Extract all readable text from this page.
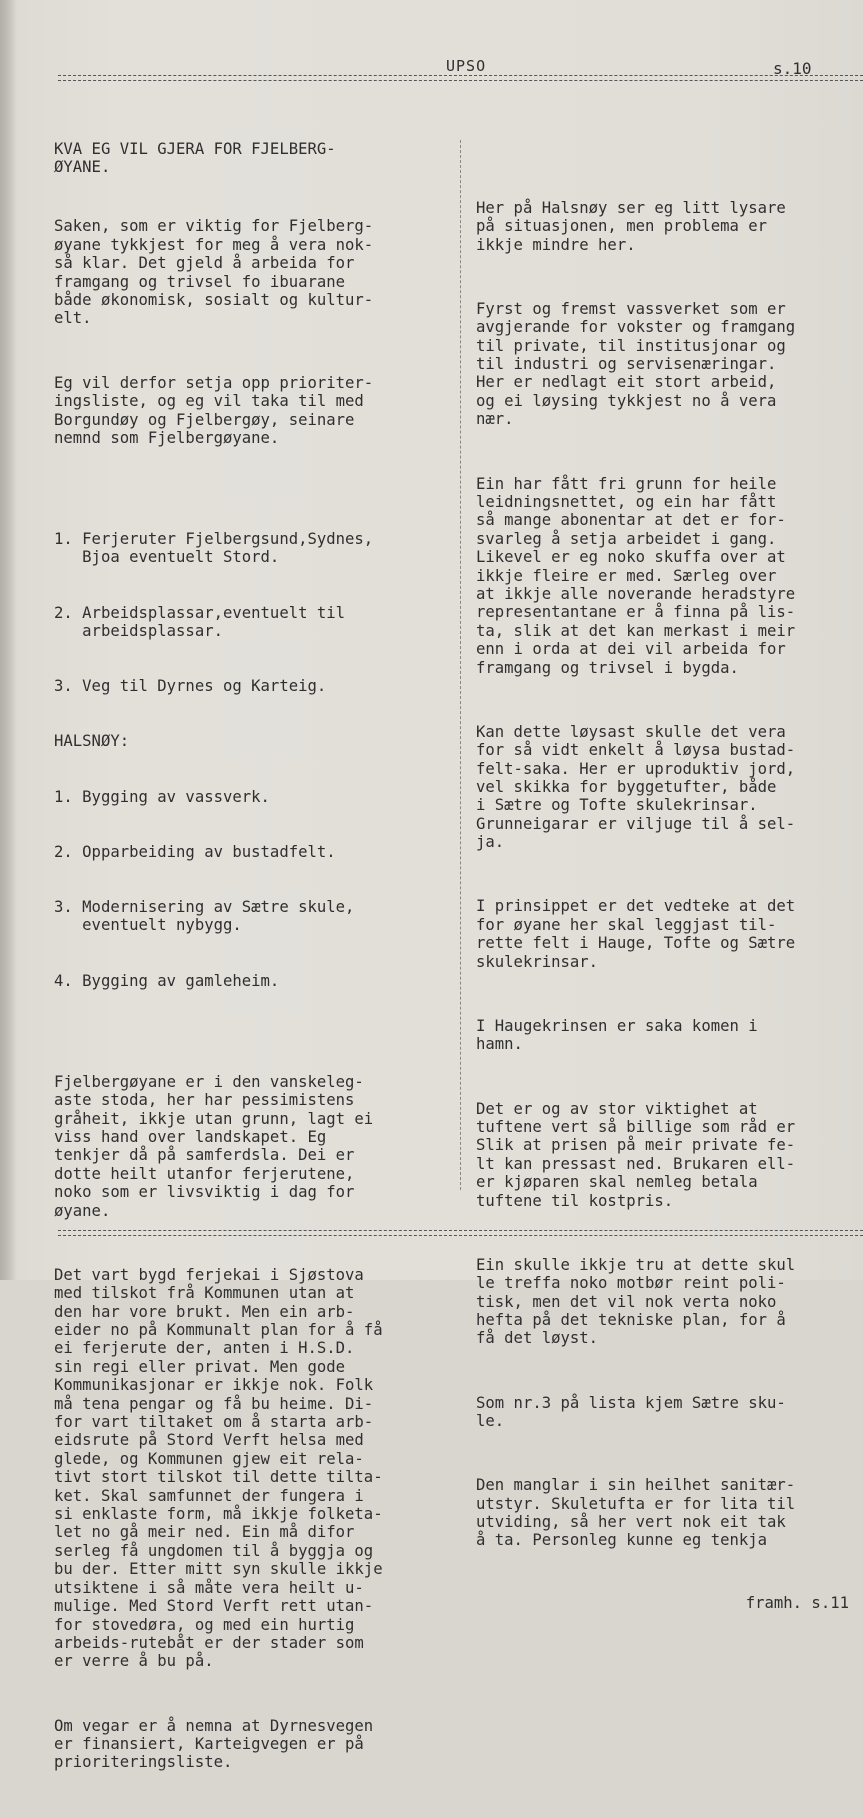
UPSO	s.10

KVA EG VIL GJERA FOR FJELBERG-
ØYANE.

Saken, som er viktig for Fjelberg-
øyane tykkjest for meg å vera nok-
så klar. Det gjeld å arbeida for
framgang og trivsel fo ibuarane
både økonomisk, sosialt og kultur-
elt.

Eg vil derfor setja opp prioriter-
ingsliste, og eg vil taka til med
Borgundøy og Fjelbergøy, seinare
nemnd som Fjelbergøyane.

1. Ferjeruter Fjelbergsund,Sydnes,
Bjoa eventuelt Stord.

2. Arbeidsplassar,eventuelt til
arbeidsplassar.

3. Veg til Dyrnes og Karteig.

HALSNØY:

1. Bygging av vassverk.

2. Opparbeiding av bustadfelt.

3. Modernisering av Sætre skule,
eventuelt nybygg.

4. Bygging av gamleheim.

Fjelbergøyane er i den vanskeleg-
aste stoda, her har pessimistens
gråheit, ikkje utan grunn, lagt ei
viss hand over landskapet. Eg
tenkjer då på samferdsla. Dei er
dotte heilt utanfor ferjerutene,
noko som er livsviktig i dag for
øyane.

Det vart bygd ferjekai i Sjøstova
med tilskot frå Kommunen utan at
den har vore brukt. Men ein arb-
eider no på Kommunalt plan for å få
ei ferjerute der, anten i H.S.D.
sin regi eller privat. Men gode
Kommunikasjonar er ikkje nok. Folk
må tena pengar og få bu heime. Di-
for vart tiltaket om å starta arb-
eidsrute på Stord Verft helsa med
glede, og Kommunen gjew eit rela-
tivt stort tilskot til dette tilta-
ket. Skal samfunnet der fungera i
si enklaste form, må ikkje folketa-
let no gå meir ned. Ein må difor
serleg få ungdomen til å byggja og
bu der. Etter mitt syn skulle ikkje
utsiktene i så måte vera heilt u-
mulige. Med Stord Verft rett utan-
for stovedøra, og med ein hurtig
arbeids-rutebåt er der stader som
er verre å bu på.

Om vegar er å nemna at Dyrnesvegen
er finansiert, Karteigvegen er på
prioriteringsliste.

Her på Halsnøy ser eg litt lysare
på situasjonen, men problema er
ikkje mindre her.

Fyrst og fremst vassverket som er
avgjerande for vokster og framgang
til private, til institusjonar og
til industri og servisenæringar.
Her er nedlagt eit stort arbeid,
og ei løysing tykkjest no å vera
nær.

Ein har fått fri grunn for heile
leidningsnettet, og ein har fått
så mange abonentar at det er for-
svarleg å setja arbeidet i gang.
Likevel er eg noko skuffa over at
ikkje fleire er med. Særleg over
at ikkje alle noverande heradstyre
representantane er å finna på lis-
ta, slik at det kan merkast i meir
enn i orda at dei vil arbeida for
framgang og trivsel i bygda.

Kan dette løysast skulle det vera
for så vidt enkelt å løysa bustad-
felt-saka. Her er uproduktiv jord,
vel skikka for byggetufter, både
i Sætre og Tofte skulekrinsar.
Grunneigarar er viljuge til å sel-
ja.

I prinsippet er det vedteke at det
for øyane her skal leggjast til-
rette felt i Hauge, Tofte og Sætre
skulekrinsar.

I Haugekrinsen er saka komen i
hamn.

Det er og av stor viktighet at
tuftene vert så billige som råd er
Slik at prisen på meir private fe-
lt kan pressast ned. Brukaren ell-
er kjøparen skal nemleg betala
tuftene til kostpris.

Ein skulle ikkje tru at dette skul
le treffa noko motbør reint poli-
tisk, men det vil nok verta noko
hefta på det tekniske plan, for å
få det løyst.

Som nr.3 på lista kjem Sætre sku-
le.

Den manglar i sin heilhet sanitær-
utstyr. Skuletufta er for lita til
utviding, så her vert nok eit tak
å ta. Personleg kunne eg tenkja

framh. s.11
